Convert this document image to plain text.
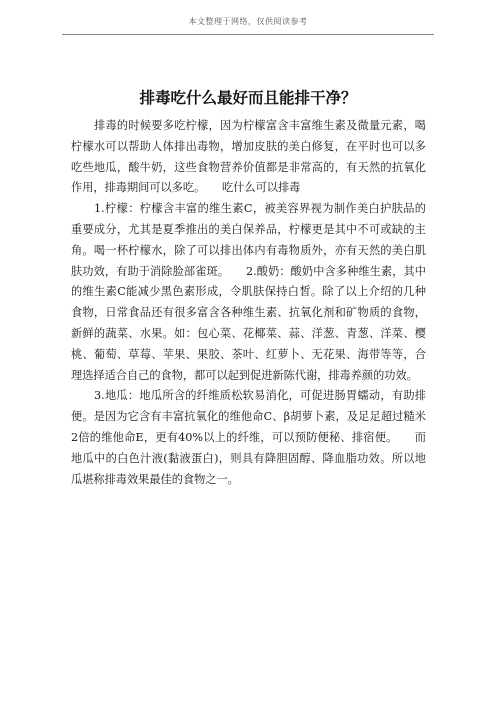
本文整理于网络，仅供阅读参考
排毒吃什么最好而且能排干净？

排毒的时候要多吃柠檬，因为柠檬富含丰富维生素及微量元素，喝柠檬水可以帮助人体排出毒物，增加皮肤的美白修复，在平时也可以多吃些地瓜，酸牛奶，这些食物营养价值都是非常高的，有天然的抗氧化作用，排毒期间可以多吃。　　吃什么可以排毒

1.柠檬：柠檬含丰富的维生素C，被美容界视为制作美白护肤品的重要成分，尤其是夏季推出的美白保养品，柠檬更是其中不可或缺的主角。喝一杯柠檬水，除了可以排出体内有毒物质外，亦有天然的美白肌肤功效，有助于消除脸部雀斑。　　2.酸奶：酸奶中含多种维生素，其中的维生素C能减少黑色素形成，令肌肤保持白皙。除了以上介绍的几种食物，日常食品还有很多富含各种维生素、抗氧化剂和矿物质的食物，新鲜的蔬菜、水果。如：包心菜、花椰菜、蒜、洋葱、青葱、洋菜、樱桃、葡萄、草莓、苹果、果胶、茶叶、红萝卜、无花果、海带等等，合理选择适合自己的食物，都可以起到促进新陈代谢，排毒养颜的功效。

3.地瓜：地瓜所含的纤维质松软易消化，可促进肠胃蠕动，有助排便。是因为它含有丰富抗氧化的维他命C、β胡萝卜素，及足足超过糙米2倍的维他命E，更有40%以上的纤维，可以预防便秘、排宿便。　　而地瓜中的白色汁液(黏液蛋白)，则具有降胆固醇、降血脂功效。所以地瓜堪称排毒效果最佳的食物之一。
